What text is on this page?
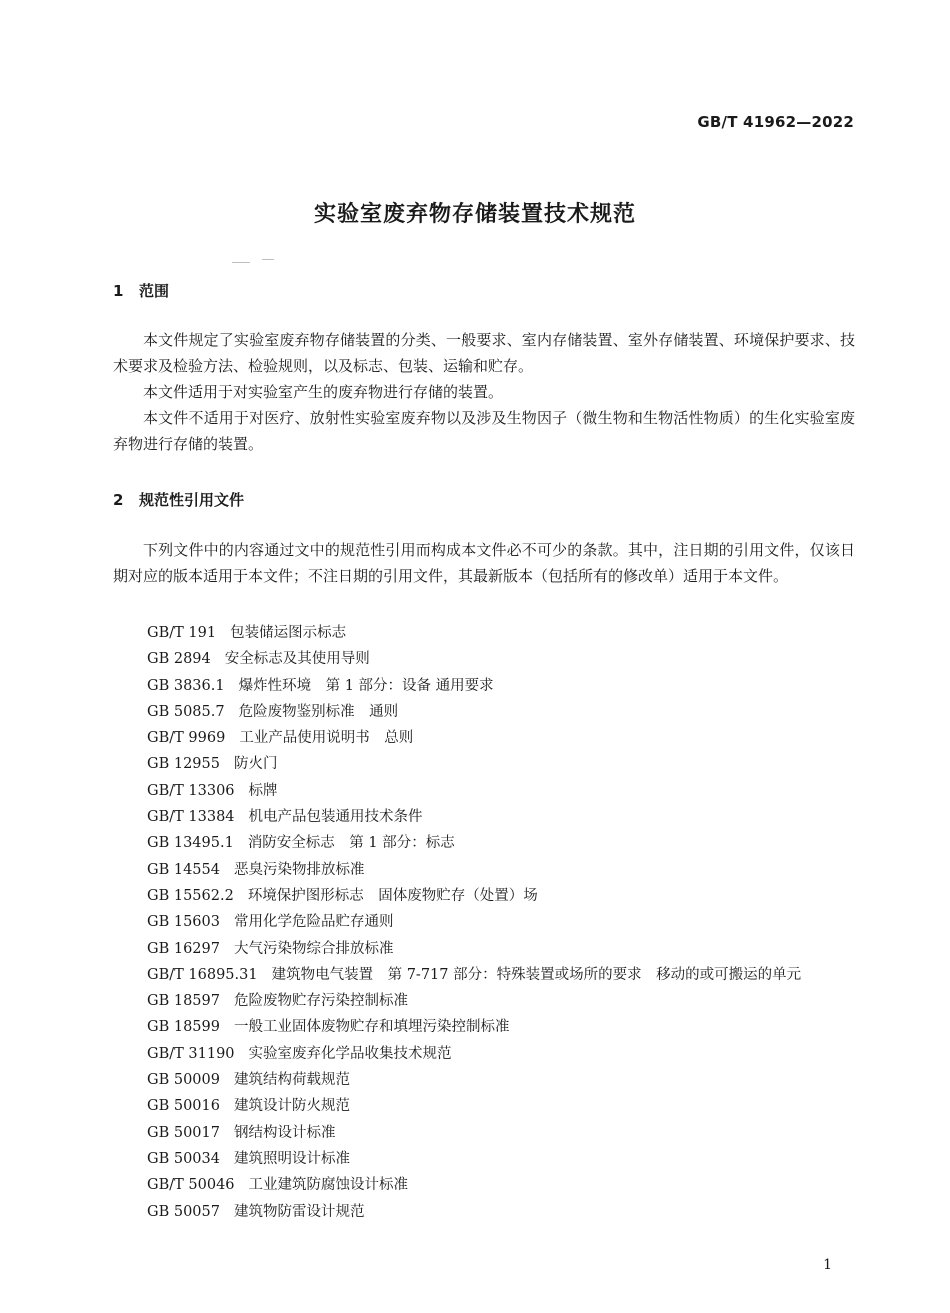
GB/T 41962—2022
实验室废弃物存储装置技术规范
1 范围
本文件规定了实验室废弃物存储装置的分类、一般要求、室内存储装置、室外存储装置、环境保护要求、技术要求及检验方法、检验规则，以及标志、包装、运输和贮存。
本文件适用于对实验室产生的废弃物进行存储的装置。
本文件不适用于对医疗、放射性实验室废弃物以及涉及生物因子（微生物和生物活性物质）的生化实验室废弃物进行存储的装置。
2 规范性引用文件
下列文件中的内容通过文中的规范性引用而构成本文件必不可少的条款。其中，注日期的引用文件，仅该日期对应的版本适用于本文件；不注日期的引用文件，其最新版本（包括所有的修改单）适用于本文件。
GB/T 191 包装储运图示标志
GB 2894 安全标志及其使用导则
GB 3836.1 爆炸性环境　第 1 部分：设备 通用要求
GB 5085.7 危险废物鉴别标准　通则
GB/T 9969 工业产品使用说明书　总则
GB 12955 防火门
GB/T 13306 标牌
GB/T 13384 机电产品包装通用技术条件
GB 13495.1 消防安全标志　第 1 部分：标志
GB 14554 恶臭污染物排放标准
GB 15562.2 环境保护图形标志　固体废物贮存（处置）场
GB 15603 常用化学危险品贮存通则
GB 16297 大气污染物综合排放标准
GB/T 16895.31 建筑物电气装置　第 7-717 部分：特殊装置或场所的要求　移动的或可搬运的单元
GB 18597 危险废物贮存污染控制标准
GB 18599 一般工业固体废物贮存和填埋污染控制标准
GB/T 31190 实验室废弃化学品收集技术规范
GB 50009 建筑结构荷载规范
GB 50016 建筑设计防火规范
GB 50017 钢结构设计标准
GB 50034 建筑照明设计标准
GB/T 50046 工业建筑防腐蚀设计标准
GB 50057 建筑物防雷设计规范
1
